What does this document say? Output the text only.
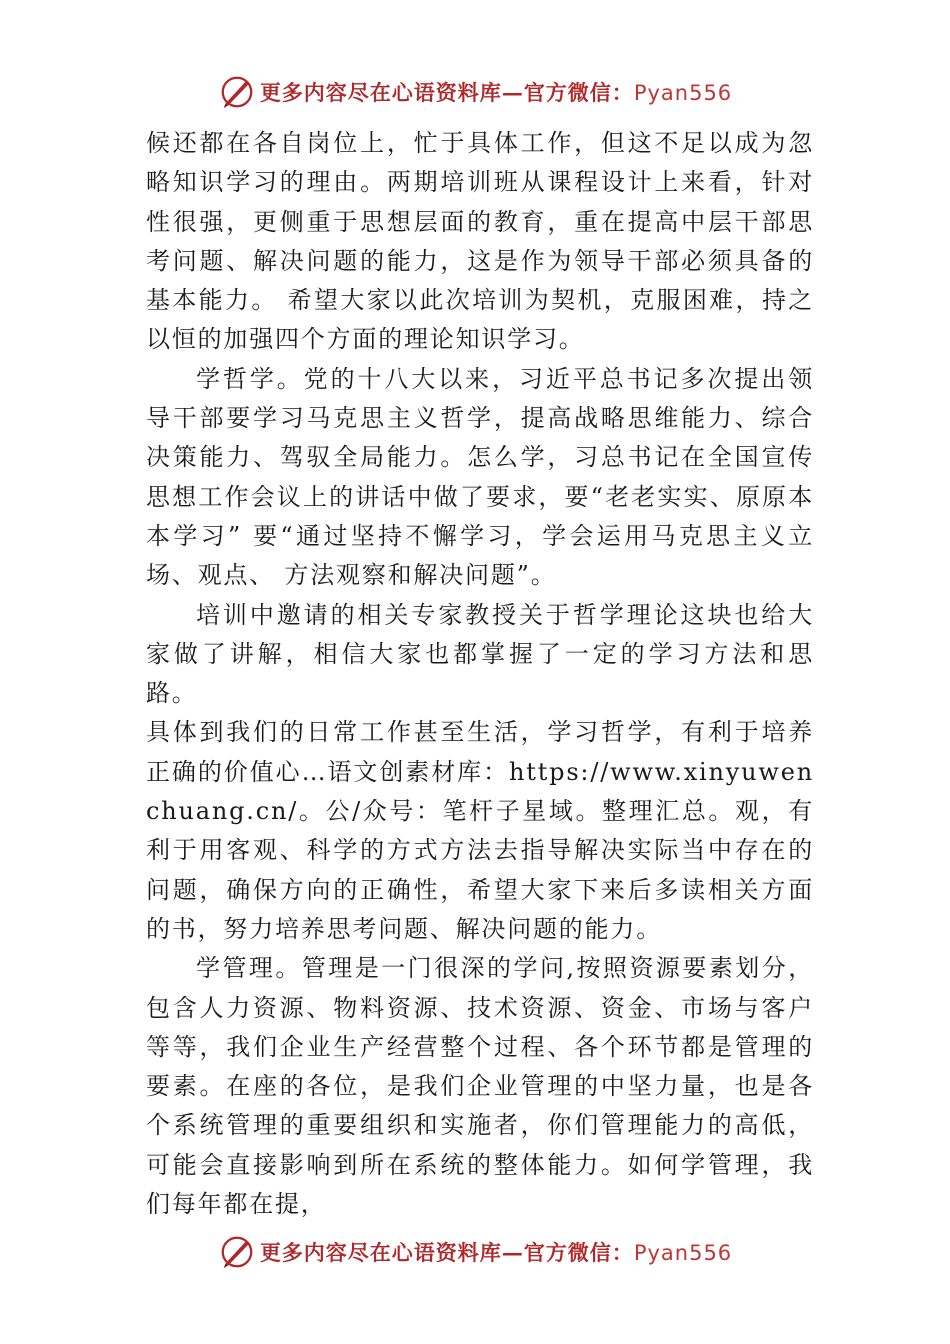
更多内容尽在心语资料库—官方微信：Pyan556

候还都在各自岗位上，忙于具体工作，但这不足以成为忽略知识学习的理由。两期培训班从课程设计上来看，针对性很强，更侧重于思想层面的教育，重在提高中层干部思考问题、解决问题的能力，这是作为领导干部必须具备的基本能力。 希望大家以此次培训为契机，克服困难，持之以恒的加强四个方面的理论知识学习。

学哲学。党的十八大以来，习近平总书记多次提出领导干部要学习马克思主义哲学，提高战略思维能力、综合决策能力、驾驭全局能力。怎么学，习总书记在全国宣传思想工作会议上的讲话中做了要求，要“老老实实、原原本本学习” 要“通过坚持不懈学习，学会运用马克思主义立场、观点、 方法观察和解决问题”。

培训中邀请的相关专家教授关于哲学理论这块也给大家做了讲解，相信大家也都掌握了一定的学习方法和思路。

具体到我们的日常工作甚至生活，学习哲学，有利于培养正确的价值心…语文创素材库：https://www.xinyuwenchuang.cn/。公/众号：笔杆子星域。整理汇总。观，有利于用客观、科学的方式方法去指导解决实际当中存在的问题，确保方向的正确性，希望大家下来后多读相关方面的书，努力培养思考问题、解决问题的能力。

学管理。管理是一门很深的学问,按照资源要素划分，包含人力资源、物料资源、技术资源、资金、市场与客户等等，我们企业生产经营整个过程、各个环节都是管理的要素。在座的各位，是我们企业管理的中坚力量，也是各个系统管理的重要组织和实施者，你们管理能力的高低，可能会直接影响到所在系统的整体能力。如何学管理，我们每年都在提，

更多内容尽在心语资料库—官方微信：Pyan556
